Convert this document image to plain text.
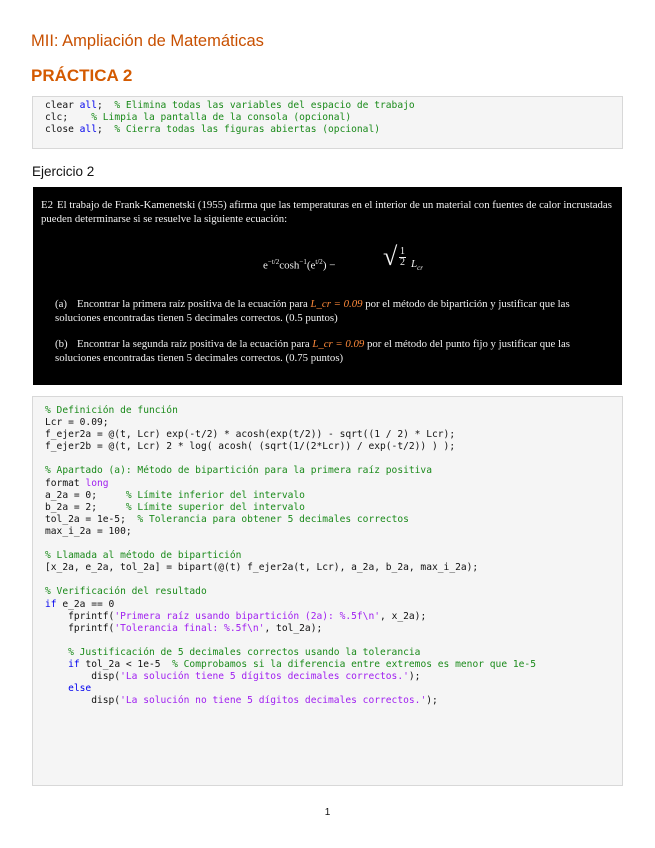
MII: Ampliación de Matemáticas
PRÁCTICA 2
clear all;  % Elimina todas las variables del espacio de trabajo
clc;    % Limpia la pantalla de la consola (opcional)
close all;  % Cierra todas las figuras abiertas (opcional)
Ejercicio 2
E2 El trabajo de Frank-Kamenetski (1955) afirma que las temperaturas en el interior de un material con fuentes de calor incrustadas pueden determinarse si se resuelve la siguiente ecuación:
$e^{-t/2}\cosh^{-1}(e^{t/2})$ − √ $\frac{1}{2} L_{cr}$
(a) Encontrar la primera raíz positiva de la ecuación para L_cr = 0.09 por el método de bipartición y justificar que las soluciones encontradas tienen 5 decimales correctos. (0.5 puntos)
(b) Encontrar la segunda raíz positiva de la ecuación para L_cr = 0.09 por el método del punto fijo y justificar que las soluciones encontradas tienen 5 decimales correctos. (0.75 puntos)
% Definición de función
Lcr = 0.09;
f_ejer2a = @(t, Lcr) exp(-t/2) * acosh(exp(t/2)) - sqrt((1 / 2) * Lcr);
f_ejer2b = @(t, Lcr) 2 * log( acosh( (sqrt(1/(2*Lcr)) / exp(-t/2)) ) );
% Apartado (a): Método de bipartición para la primera raíz positiva
format long
a_2a = 0;     % Límite inferior del intervalo
b_2a = 2;     % Límite superior del intervalo
tol_2a = 1e-5;  % Tolerancia para obtener 5 decimales correctos
max_i_2a = 100;
% Llamada al método de bipartición
[x_2a, e_2a, tol_2a] = bipart(@(t) f_ejer2a(t, Lcr), a_2a, b_2a, max_i_2a);
% Verificación del resultado
if e_2a == 0
fprintf('Primera raíz usando bipartición (2a): %.5f\n', x_2a);
fprintf('Tolerancia final: %.5f\n', tol_2a);
% Justificación de 5 decimales correctos usando la tolerancia
if tol_2a < 1e-5  % Comprobamos si la diferencia entre extremos es menor que 1e-5
disp('La solución tiene 5 dígitos decimales correctos.');
else
disp('La solución no tiene 5 dígitos decimales correctos.');
1
